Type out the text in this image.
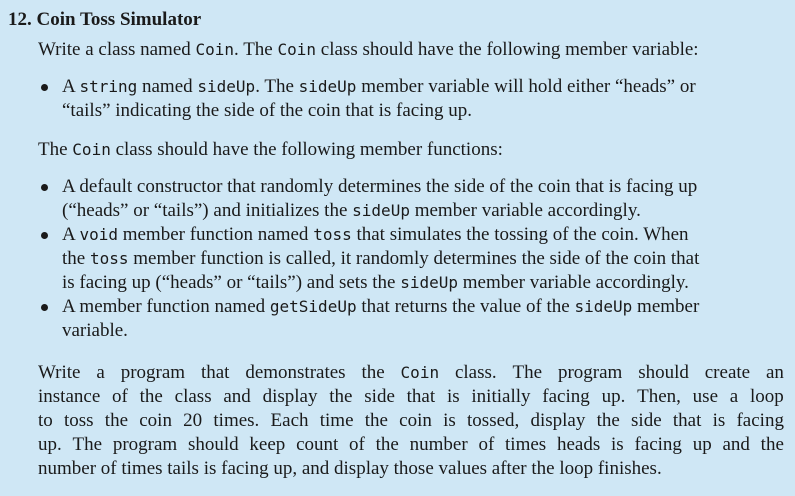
12. Coin Toss Simulator
Write a class named Coin. The Coin class should have the following member variable:
A string named sideUp. The sideUp member variable will hold either “heads” or
“tails” indicating the side of the coin that is facing up.
The Coin class should have the following member functions:
A default constructor that randomly determines the side of the coin that is facing up
(“heads” or “tails”) and initializes the sideUp member variable accordingly.
A void member function named toss that simulates the tossing of the coin. When
the toss member function is called, it randomly determines the side of the coin that
is facing up (“heads” or “tails”) and sets the sideUp member variable accordingly.
A member function named getSideUp that returns the value of the sideUp member
variable.
Write a program that demonstrates the Coin class. The program should create an
instance of the class and display the side that is initially facing up. Then, use a loop
to toss the coin 20 times. Each time the coin is tossed, display the side that is facing
up. The program should keep count of the number of times heads is facing up and the
number of times tails is facing up, and display those values after the loop finishes.
